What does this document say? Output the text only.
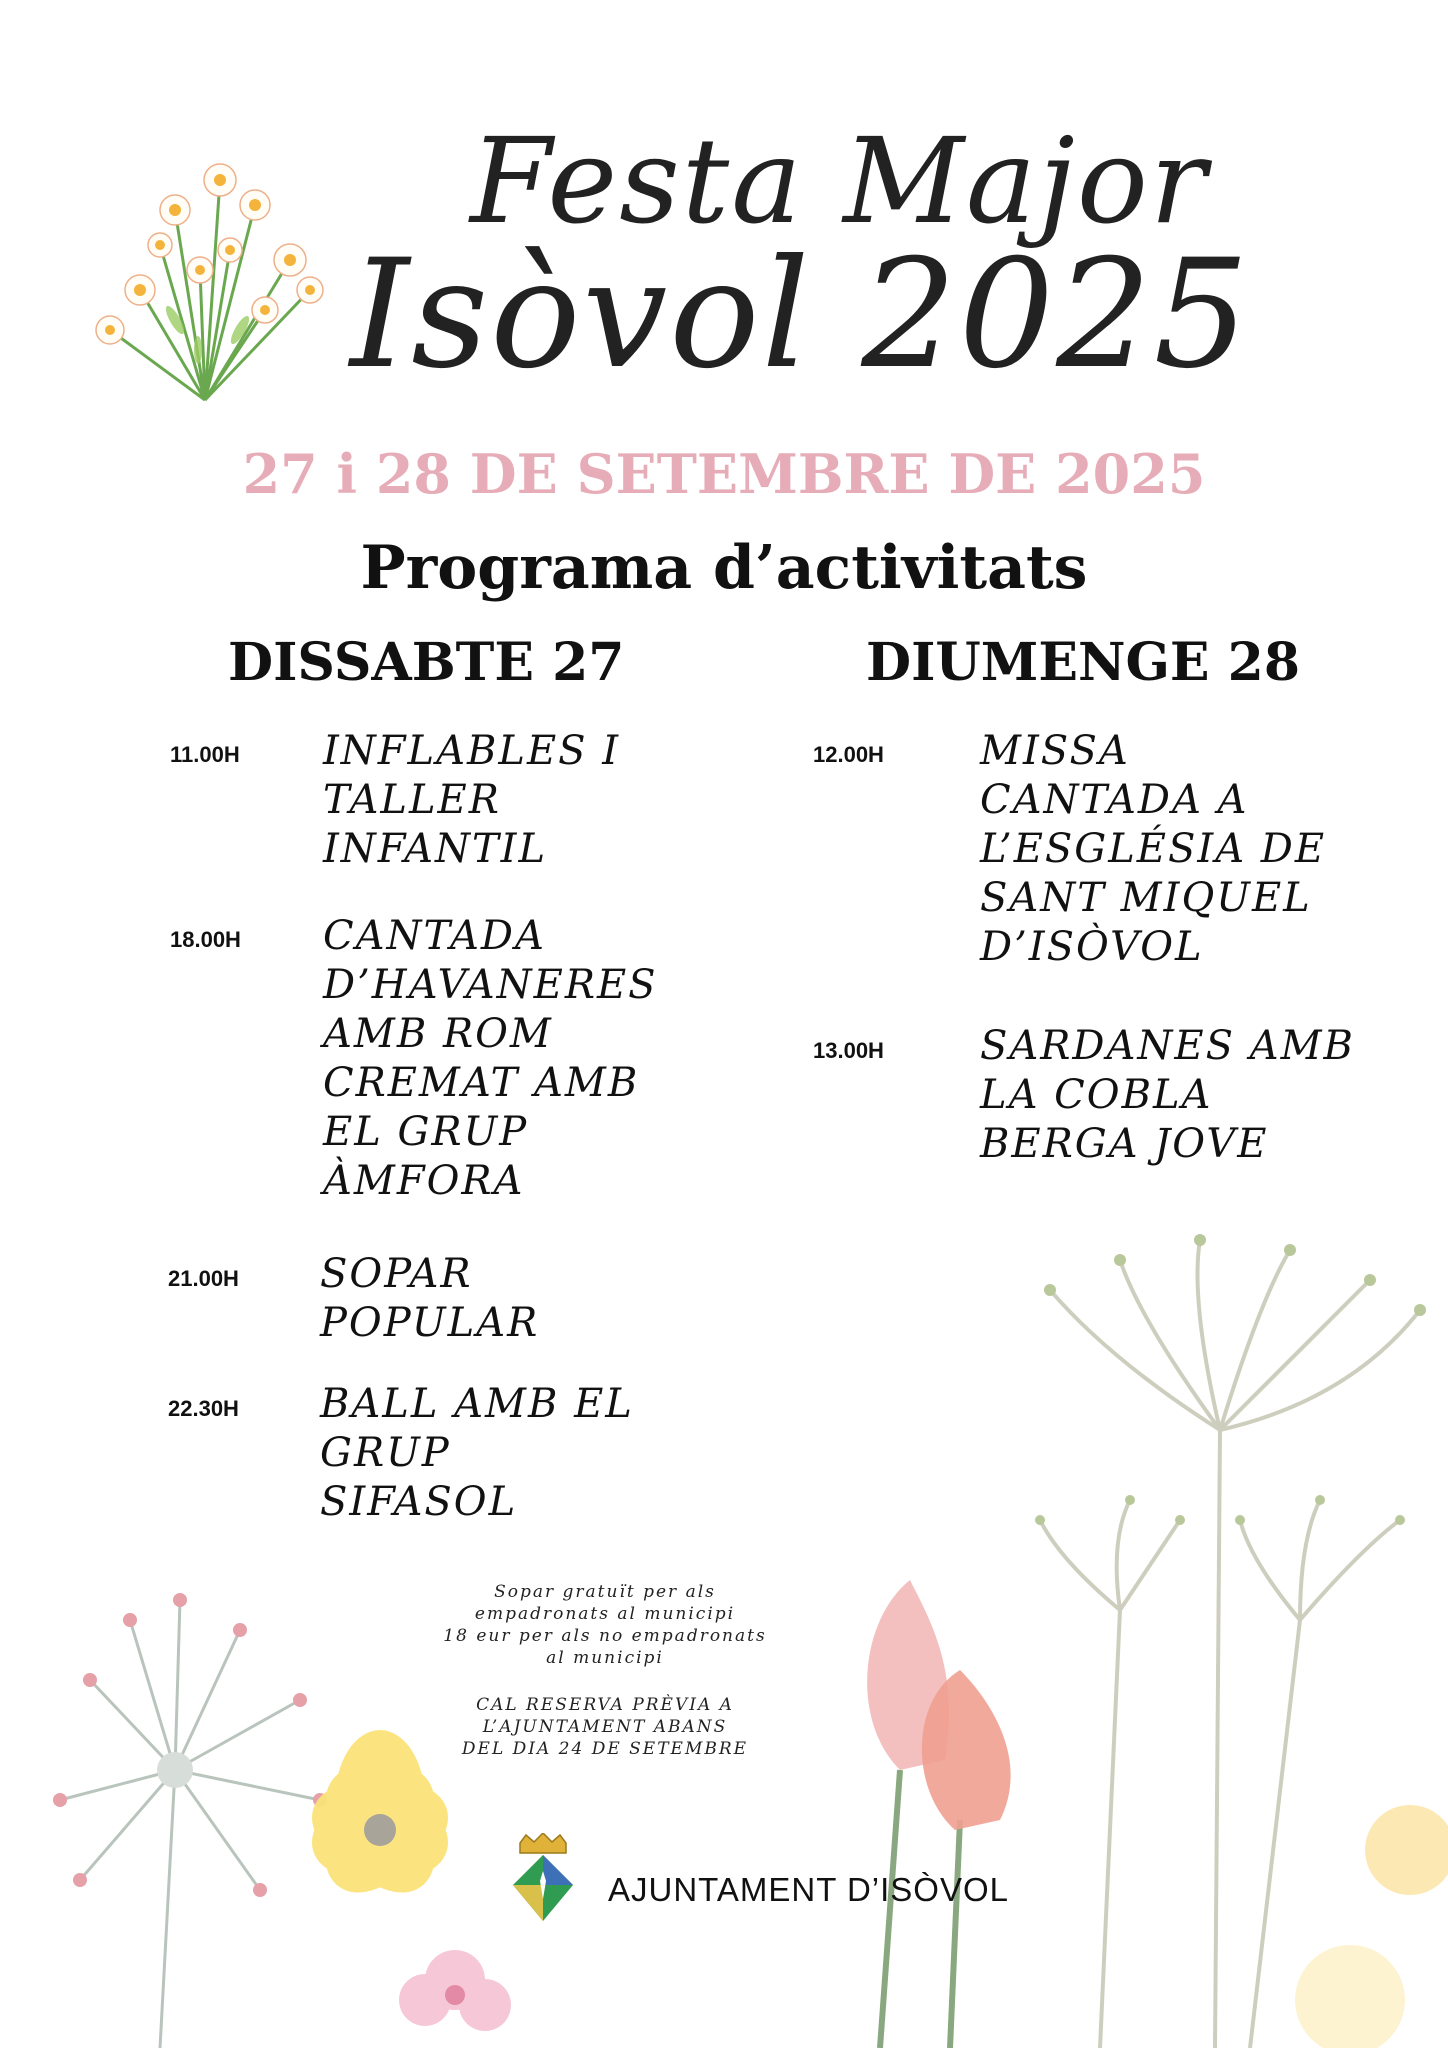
Festa Major
Isòvol 2025
27 i 28 DE SETEMBRE DE 2025
Programa d’activitats
DISSABTE 27	DIUMENGE 28
11.00H INFLABLES I
TALLER
INFANTIL
18.00H CANTADA
D’HAVANERES
AMB ROM
CREMAT AMB
EL GRUP
ÀMFORA
21.00H SOPAR
POPULAR
22.30H BALL AMB EL
GRUP
SIFASOL
12.00H MISSA
CANTADA A
L’ESGLÉSIA DE
SANT MIQUEL
D’ISÒVOL
13.00H SARDANES AMB
LA COBLA
BERGA JOVE
Sopar gratuït per als
empadronats al municipi
18 eur per als no empadronats
al municipi
CAL RESERVA PRÈVIA A
L’AJUNTAMENT ABANS
DEL DIA 24 DE SETEMBRE
AJUNTAMENT D’ISÒVOL
